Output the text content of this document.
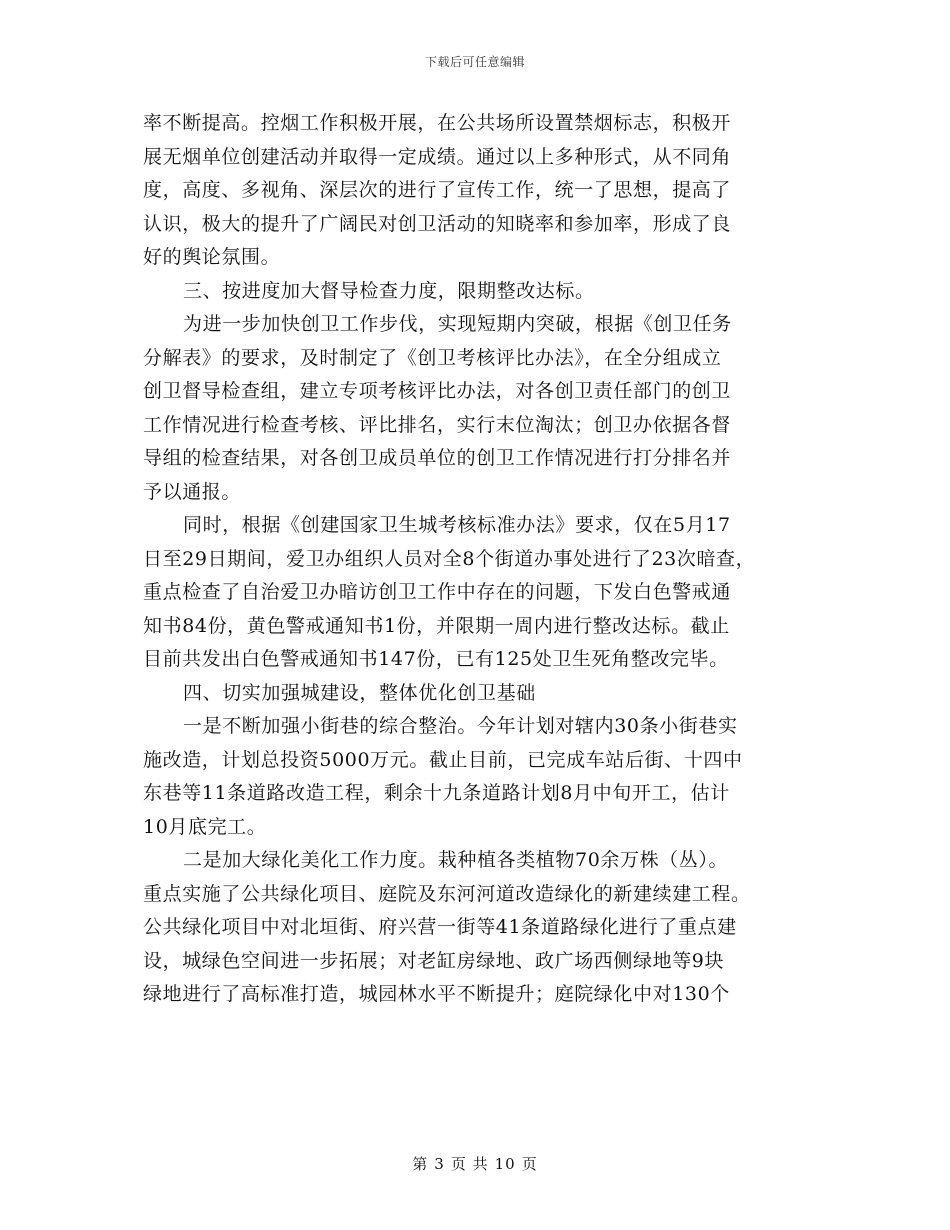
下载后可任意编辑
率不断提高。控烟工作积极开展，在公共场所设置禁烟标志，积极开
展无烟单位创建活动并取得一定成绩。通过以上多种形式，从不同角
度，高度、多视角、深层次的进行了宣传工作，统一了思想，提高了
认识，极大的提升了广阔民对创卫活动的知晓率和参加率，形成了良
好的舆论氛围。
三、按进度加大督导检查力度，限期整改达标。
为进一步加快创卫工作步伐，实现短期内突破，根据《创卫任务
分解表》的要求，及时制定了《创卫考核评比办法》，在全分组成立
创卫督导检查组，建立专项考核评比办法，对各创卫责任部门的创卫
工作情况进行检查考核、评比排名，实行末位淘汰；创卫办依据各督
导组的检查结果，对各创卫成员单位的创卫工作情况进行打分排名并
予以通报。
同时，根据《创建国家卫生城考核标准办法》要求，仅在5月17
日至29日期间，爱卫办组织人员对全8个街道办事处进行了23次暗查，
重点检查了自治爱卫办暗访创卫工作中存在的问题，下发白色警戒通
知书84份，黄色警戒通知书1份，并限期一周内进行整改达标。截止
目前共发出白色警戒通知书147份，已有125处卫生死角整改完毕。
四、切实加强城建设，整体优化创卫基础
一是不断加强小街巷的综合整治。今年计划对辖内30条小街巷实
施改造，计划总投资5000万元。截止目前，已完成车站后街、十四中
东巷等11条道路改造工程，剩余十九条道路计划8月中旬开工，估计
10月底完工。
二是加大绿化美化工作力度。栽种植各类植物70余万株（丛）。
重点实施了公共绿化项目、庭院及东河河道改造绿化的新建续建工程。
公共绿化项目中对北垣街、府兴营一街等41条道路绿化进行了重点建
设，城绿色空间进一步拓展；对老缸房绿地、政广场西侧绿地等9块
绿地进行了高标准打造，城园林水平不断提升；庭院绿化中对130个
第 3 页 共 10 页
